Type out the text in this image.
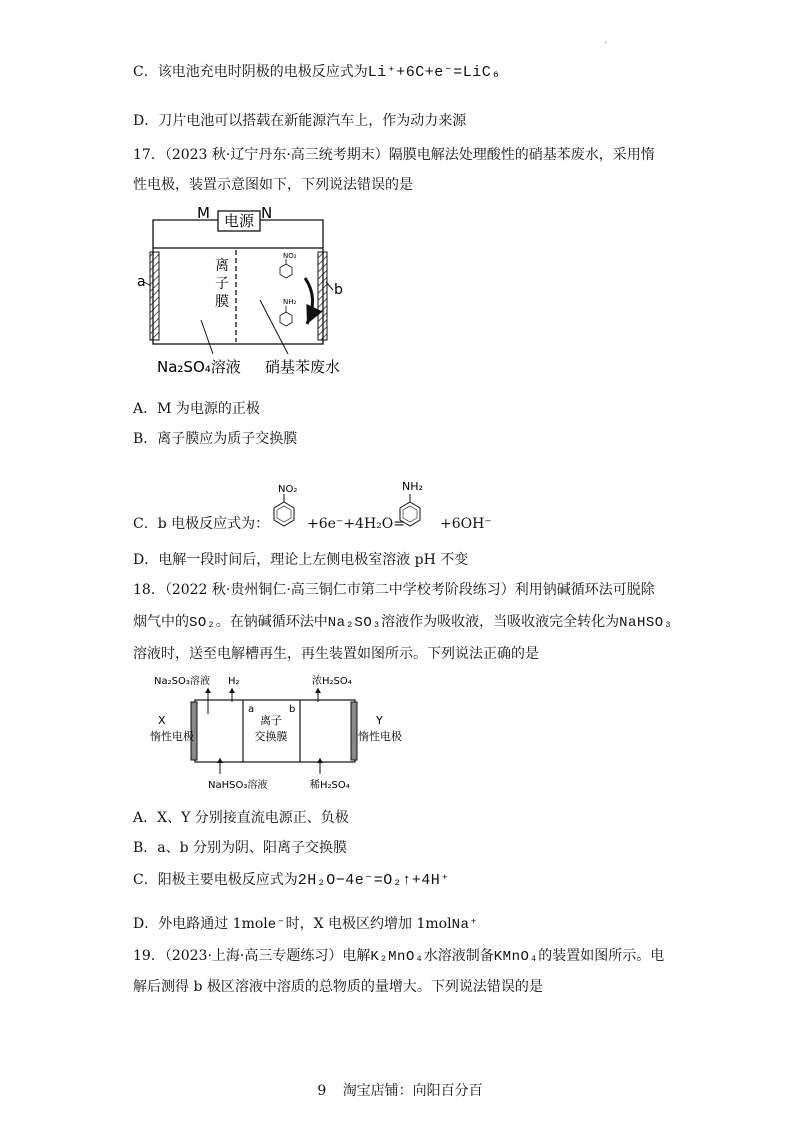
·
C．该电池充电时阴极的电极反应式为Li⁺+6C+e⁻=LiC₆
D．刀片电池可以搭载在新能源汽车上，作为动力来源
17．（2023 秋·辽宁丹东·高三统考期末）隔膜电解法处理酸性的硝基苯废水，采用惰
性电极，装置示意图如下，下列说法错误的是
电源
M	N
a	b
离
子
膜
NO₂
NH₂
Na₂SO₄溶液 硝基苯废水
A．M 为电源的正极
B．离子膜应为质子交换膜
C．b 电极反应式为：
NO₂
+6e⁻+4H₂O=
NH₂
+6OH⁻
D．电解一段时间后，理论上左侧电极室溶液 pH 不变
18．（2022 秋·贵州铜仁·高三铜仁市第二中学校考阶段练习）利用钠碱循环法可脱除
烟气中的SO₂。在钠碱循环法中Na₂SO₃溶液作为吸收液，当吸收液完全转化为NaHSO₃
溶液时，送至电解槽再生，再生装置如图所示。下列说法正确的是
Na₂SO₃溶液 H₂	浓H₂SO₄
a	b
离子
交换膜
X
惰性电极
Y
惰性电极
NaHSO₃溶液	稀H₂SO₄
A．X、Y 分别接直流电源正、负极
B．a、b 分别为阴、阳离子交换膜
C．阳极主要电极反应式为2H₂O−4e⁻=O₂↑+4H⁺
D．外电路通过 1mole⁻时，X 电极区约增加 1molNa⁺
19．（2023·上海·高三专题练习）电解K₂MnO₄水溶液制备KMnO₄的装置如图所示。电
解后测得 b 极区溶液中溶质的总物质的量增大。下列说法错误的是
9 淘宝店铺：向阳百分百
